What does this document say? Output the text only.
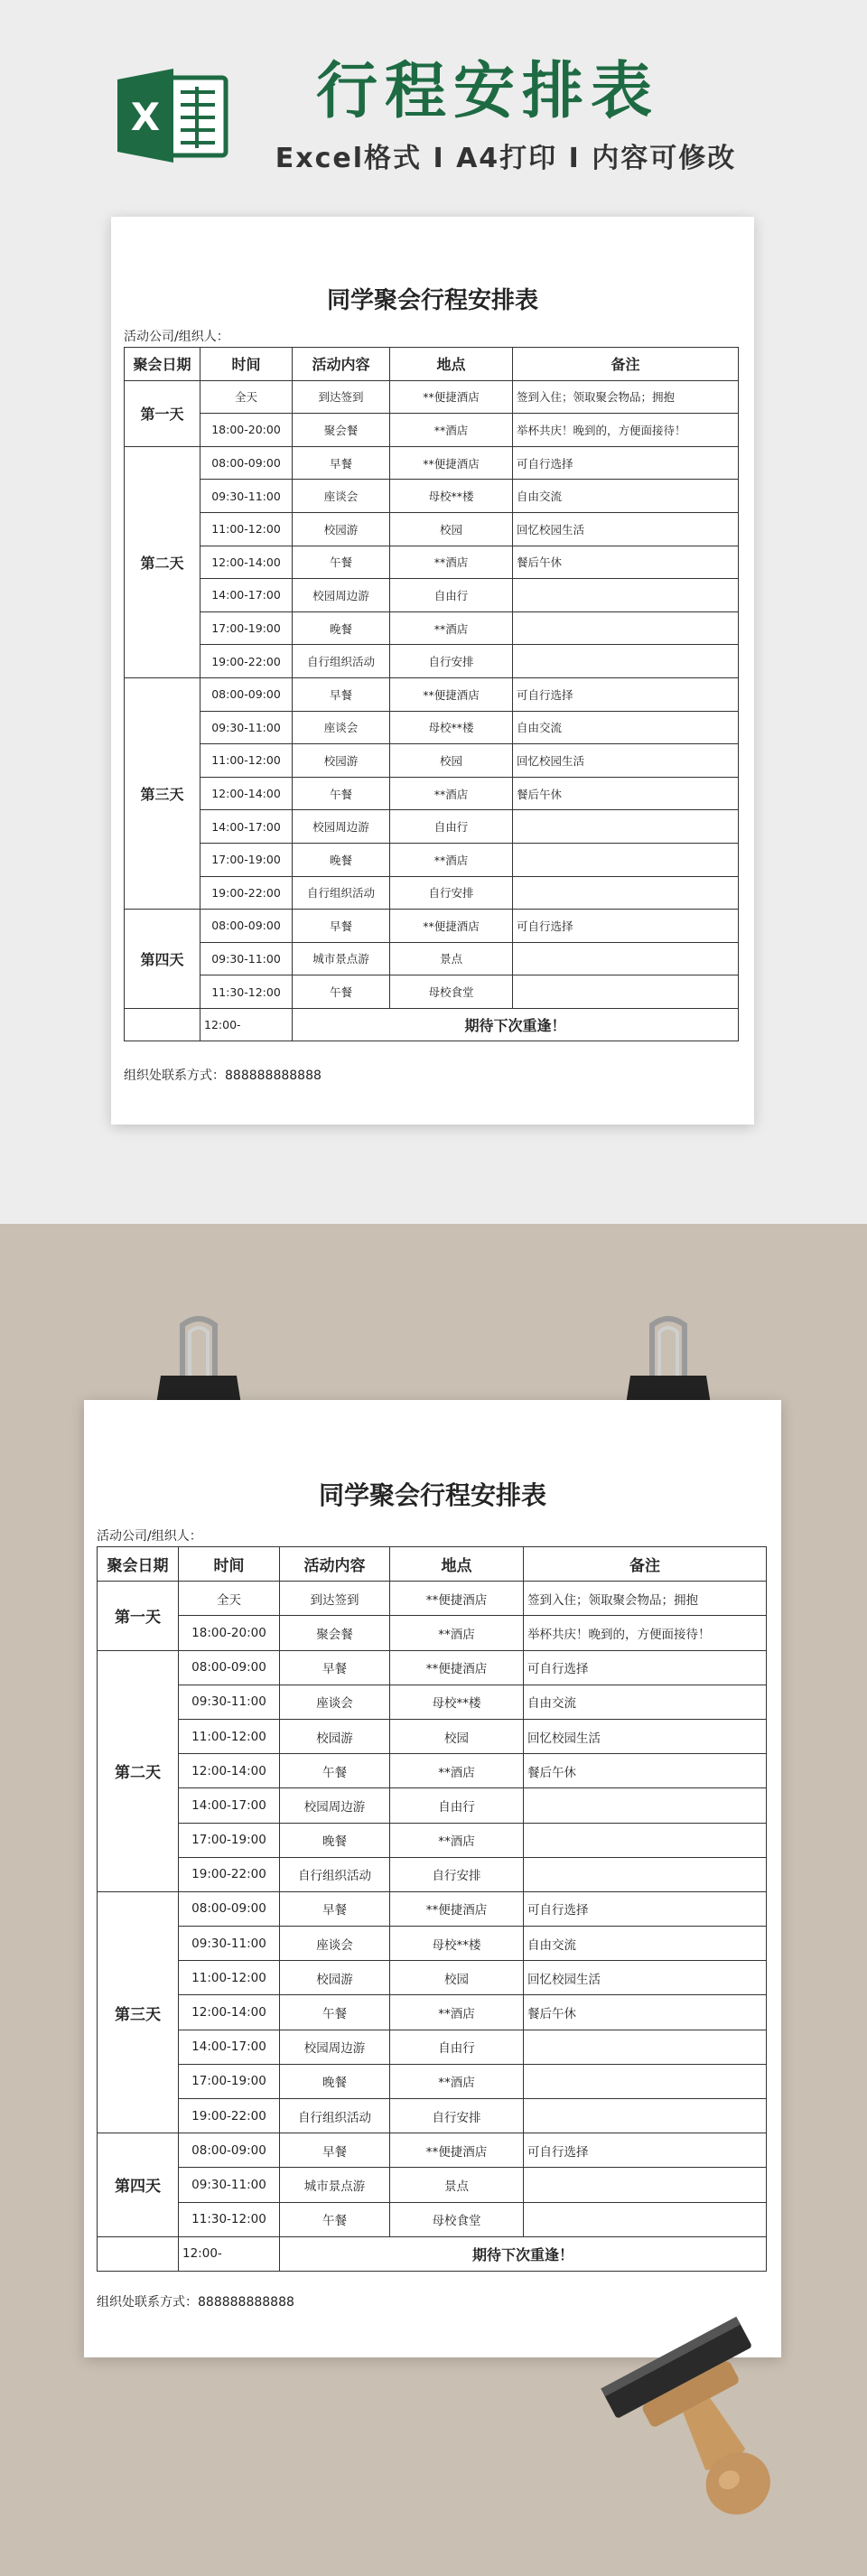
X	行程安排表
Excel格式 I A4打印 I 内容可修改
同学聚会行程安排表
活动公司/组织人：
聚会日期	时间	活动内容	地点	备注
第一天	全天	到达签到	**便捷酒店	签到入住；领取聚会物品；拥抱
	18:00-20:00	聚会餐	**酒店	举杯共庆！晚到的，方便面接待！
第二天	08:00-09:00	早餐	**便捷酒店	可自行选择
	09:30-11:00	座谈会	母校**楼	自由交流
	11:00-12:00	校园游	校园	回忆校园生活
	12:00-14:00	午餐	**酒店	餐后午休
	14:00-17:00	校园周边游	自由行	
	17:00-19:00	晚餐	**酒店	
	19:00-22:00	自行组织活动	自行安排	
第三天	08:00-09:00	早餐	**便捷酒店	可自行选择
	09:30-11:00	座谈会	母校**楼	自由交流
	11:00-12:00	校园游	校园	回忆校园生活
	12:00-14:00	午餐	**酒店	餐后午休
	14:00-17:00	校园周边游	自由行	
	17:00-19:00	晚餐	**酒店	
	19:00-22:00	自行组织活动	自行安排	
第四天	08:00-09:00	早餐	**便捷酒店	可自行选择
	09:30-11:00	城市景点游	景点	
	11:30-12:00	午餐	母校食堂	
	12:00-	期待下次重逢！		
组织处联系方式：888888888888
同学聚会行程安排表
活动公司/组织人：
聚会日期	时间	活动内容	地点	备注
第一天	全天	到达签到	**便捷酒店	签到入住；领取聚会物品；拥抱
	18:00-20:00	聚会餐	**酒店	举杯共庆！晚到的，方便面接待！
第二天	08:00-09:00	早餐	**便捷酒店	可自行选择
	09:30-11:00	座谈会	母校**楼	自由交流
	11:00-12:00	校园游	校园	回忆校园生活
	12:00-14:00	午餐	**酒店	餐后午休
	14:00-17:00	校园周边游	自由行	
	17:00-19:00	晚餐	**酒店	
	19:00-22:00	自行组织活动	自行安排	
第三天	08:00-09:00	早餐	**便捷酒店	可自行选择
	09:30-11:00	座谈会	母校**楼	自由交流
	11:00-12:00	校园游	校园	回忆校园生活
	12:00-14:00	午餐	**酒店	餐后午休
	14:00-17:00	校园周边游	自由行	
	17:00-19:00	晚餐	**酒店	
	19:00-22:00	自行组织活动	自行安排	
第四天	08:00-09:00	早餐	**便捷酒店	可自行选择
	09:30-11:00	城市景点游	景点	
	11:30-12:00	午餐	母校食堂	
	12:00-	期待下次重逢！		
组织处联系方式：888888888888
